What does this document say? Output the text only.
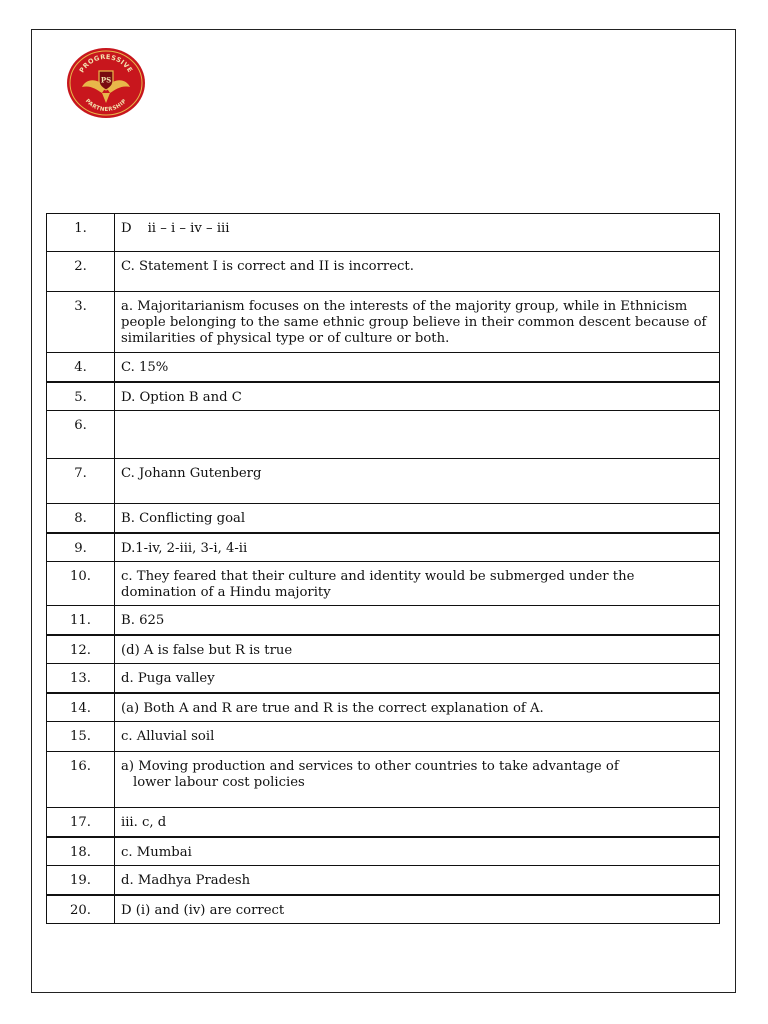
PROGRESSIVE
PARTNERSHIP
PS
1.	D ii – i – iv – iii
2.	C. Statement I is correct and II is incorrect.
3.	a. Majoritarianism focuses on the interests of the majority group, while in Ethnicism people belonging to the same ethnic group believe in their common descent because of similarities of physical type or of culture or both.
4.	C. 15%
5.	D. Option B and C
6.	
7.	C. Johann Gutenberg
8.	B. Conflicting goal
9.	D.1-iv, 2-iii, 3-i, 4-ii
10.	c. They feared that their culture and identity would be submerged under the domination of a Hindu majority
11.	B. 625
12.	(d) A is false but R is true
13.	d. Puga valley
14.	(a) Both A and R are true and R is the correct explanation of A.
15.	c. Alluvial soil
16.	a) Moving production and services to other countries to take advantage of
lower labour cost policies

17.	iii. c, d
18.	c. Mumbai
19.	d. Madhya Pradesh
20.	D (i) and (iv) are correct
